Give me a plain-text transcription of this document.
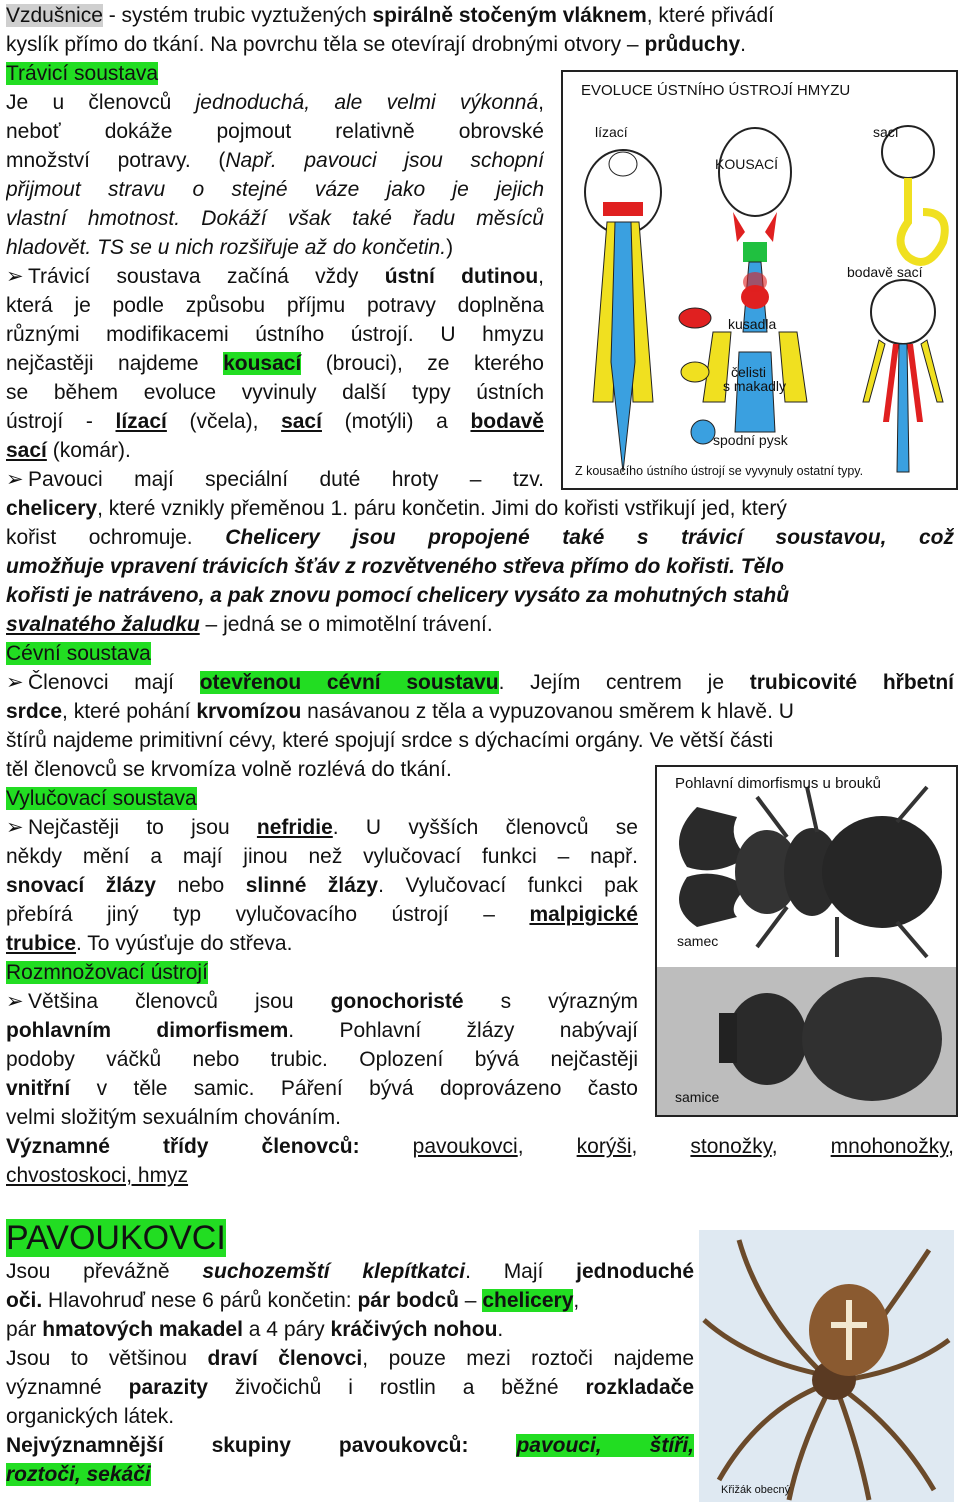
Vzdušnice - systém trubic vyztužených spirálně stočeným vláknem, které přivádí
kyslík přímo do tkání. Na povrchu těla se otevírají drobnými otvory – průduchy.
Trávicí soustava
Je u členovců jednoduchá, ale velmi výkonná,
neboť dokáže pojmout relativně obrovské
množství potravy. (Např. pavouci jsou schopní
přijmout stravu o stejné váze jako je jejich
vlastní hmotnost. Dokáží však také řadu měsíců
hladovět. TS se u nich rozšiřuje až do končetin.)
➢ Trávicí soustava začíná vždy ústní dutinou,
která je podle způsobu příjmu potravy doplněna
různými modifikacemi ústního ústrojí. U hmyzu
nejčastěji najdeme kousací (brouci), ze kterého
se během evoluce vyvinuly další typy ústních
ústrojí - lízací (včela), sací (motýli) a bodavě
sací (komár).
➢ Pavouci mají speciální duté hroty – tzv.
chelicery, které vznikly přeměnou 1. páru končetin. Jimi do kořisti vstřikují jed, který
kořist ochromuje. Chelicery jsou propojené také s trávicí soustavou, což
umožňuje vpravení trávicích šťáv z rozvětveného střeva přímo do kořisti. Tělo
kořisti je natráveno, a pak znovu pomocí chelicery vysáto za mohutných stahů
svalnatého žaludku – jedná se o mimotělní trávení.
Cévní soustava
➢ Členovci mají otevřenou cévní soustavu. Jejím centrem je trubicovité hřbetní
srdce, které pohání krvomízou nasávanou z těla a vypuzovanou směrem k hlavě. U
štírů najdeme primitivní cévy, které spojují srdce s dýchacími orgány. Ve větší části
těl členovců se krvomíza volně rozlévá do tkání.
Vylučovací soustava
➢ Nejčastěji to jsou nefridie. U vyšších členovců se
někdy mění a mají jinou než vylučovací funkci – např.
snovací žlázy nebo slinné žlázy. Vylučovací funkci pak
přebírá jiný typ vylučovacího ústrojí – malpigické
trubice. To vyúsťuje do střeva.
Rozmnožovací ústrojí
➢ Většina členovců jsou gonochoristé s výrazným
pohlavním dimorfismem. Pohlavní žlázy nabývají
podoby váčků nebo trubic. Oplození bývá nejčastěji
vnitřní v těle samic. Páření bývá doprovázeno často
velmi složitým sexuálním chováním.
Významné třídy členovců: pavoukovci, korýši, stonožky, mnohonožky,
chvostoskoci, hmyz
PAVOUKOVCI
Jsou převážně suchozemští klepítkatci. Mají jednoduché
oči. Hlavohruď nese 6 párů končetin: pár bodců – chelicery,
pár hmatových makadel a 4 páry kráčivých nohou.
Jsou to většinou draví členovci, pouze mezi roztoči najdeme
významné parazity živočichů i rostlin a běžné rozkladače
organických látek.
Nejvýznamnější skupiny pavoukovců: pavouci, štíři,
roztoči, sekáči
EVOLUCE ÚSTNÍHO ÚSTROJÍ HMYZU
lízací	sací
KOUSACÍ
bodavě sací
kusadla
čelisti
s makadly
spodní pysk
Z kousacího ústního ústrojí se vyvynuly ostatní typy.
Pohlavní dimorfismus u brouků
samec
samice
Křižák obecný
